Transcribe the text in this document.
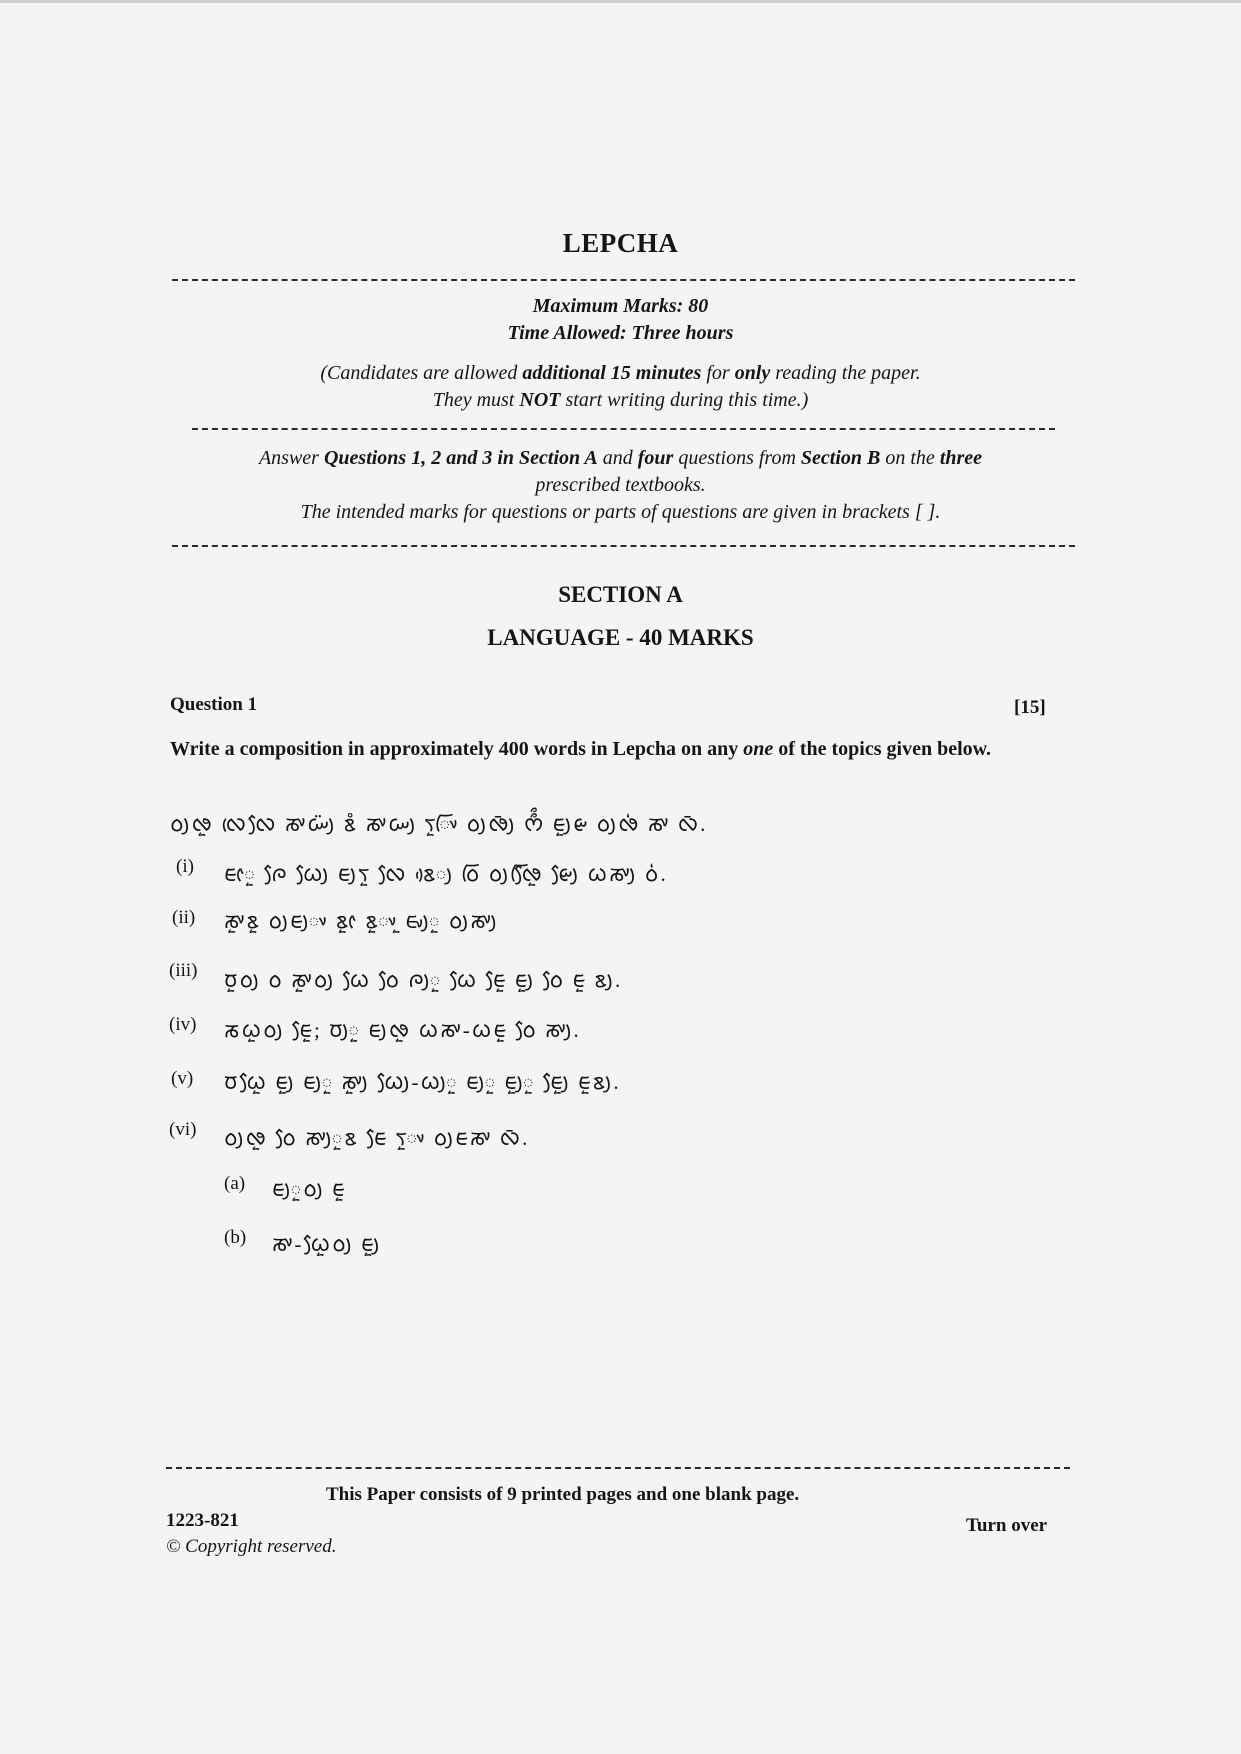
LEPCHA
Maximum Marks: 80
Time Allowed: Three hours
(Candidates are allowed additional 15 minutes for only reading the paper.
They must NOT start writing during this time.)
Answer Questions 1, 2 and 3 in Section A and four questions from Section B on the three
prescribed textbooks.
The intended marks for questions or parts of questions are given in brackets [ ].
SECTION A
LANGUAGE - 40 MARKS
Question 1	[15]
Write a composition in approximately 400 words in Lepcha on any one of the topics given below.
ᰓᰪᰒᰬ ᰜᰨᰜᰧ ᰕᰤᰠᰪᰮ ᰣᰱ ᰕᰤᰠᰪ ᰛᰬᰤᰩ ᰓᰪᰒᰪᰳ ᰔᰰᰰ ᰀᰬᰪᰡ ᰓᰪᰒᰭ ᰕᰤ ᰜᰳ.
(i) ᰀᰦᰬ ᰍᰧ ᰃᰧᰪ ᰀᰪᰛᰬ ᰜᰧ ᰣᰴᰪ ᰓᰩ ᰓᰪᰒᰧᰩᰬ ᰡᰧᰪ ᰃᰕᰤᰪ ᰓᰭ.
(ii) ᰕᰤᰬᰣᰬ ᰓᰪᰀᰪᰤ ᰣᰬᰦ ᰣᰬᰤᰬ ᰀᰤᰪᰬ ᰓᰪᰕᰤᰪ
(iii) ᰗᰬᰓᰪ ᰓ ᰕᰤᰬᰓᰪ ᰃᰧ ᰓᰧ ᰍᰪᰬ ᰃᰧ ᰀᰧᰬ ᰀᰬᰪ ᰓᰧ ᰀᰬ ᰣᰪ.
(iv) ᰕᰃᰬᰓᰪ ᰀᰧᰬ; ᰗᰪᰬ ᰀᰪᰒᰬ ᰃᰕᰤ-ᰃᰀᰬ ᰓᰧ ᰕᰤᰪ.
(v) ᰗᰃᰧᰬ ᰀᰬᰪ ᰀᰪᰬ ᰕᰤᰬᰪ ᰃᰧᰪ-ᰃᰪᰬ ᰀᰪᰬ ᰀᰬᰪᰬ ᰀᰧᰬᰪ ᰀᰬᰣᰪ.
(vi) ᰓᰪᰒᰬ ᰓᰧ ᰕᰤᰪᰬᰣ ᰀᰧ ᰛᰬᰤ ᰓᰪᰀᰕᰤ ᰜᰳ.
(a) ᰀᰪᰬᰓᰪ ᰀᰬ
(b) ᰕᰤ-ᰃᰧᰬᰓᰪ ᰀᰬᰪ
This Paper consists of 9 printed pages and one blank page.
1223-821	Turn over
© Copyright reserved.
